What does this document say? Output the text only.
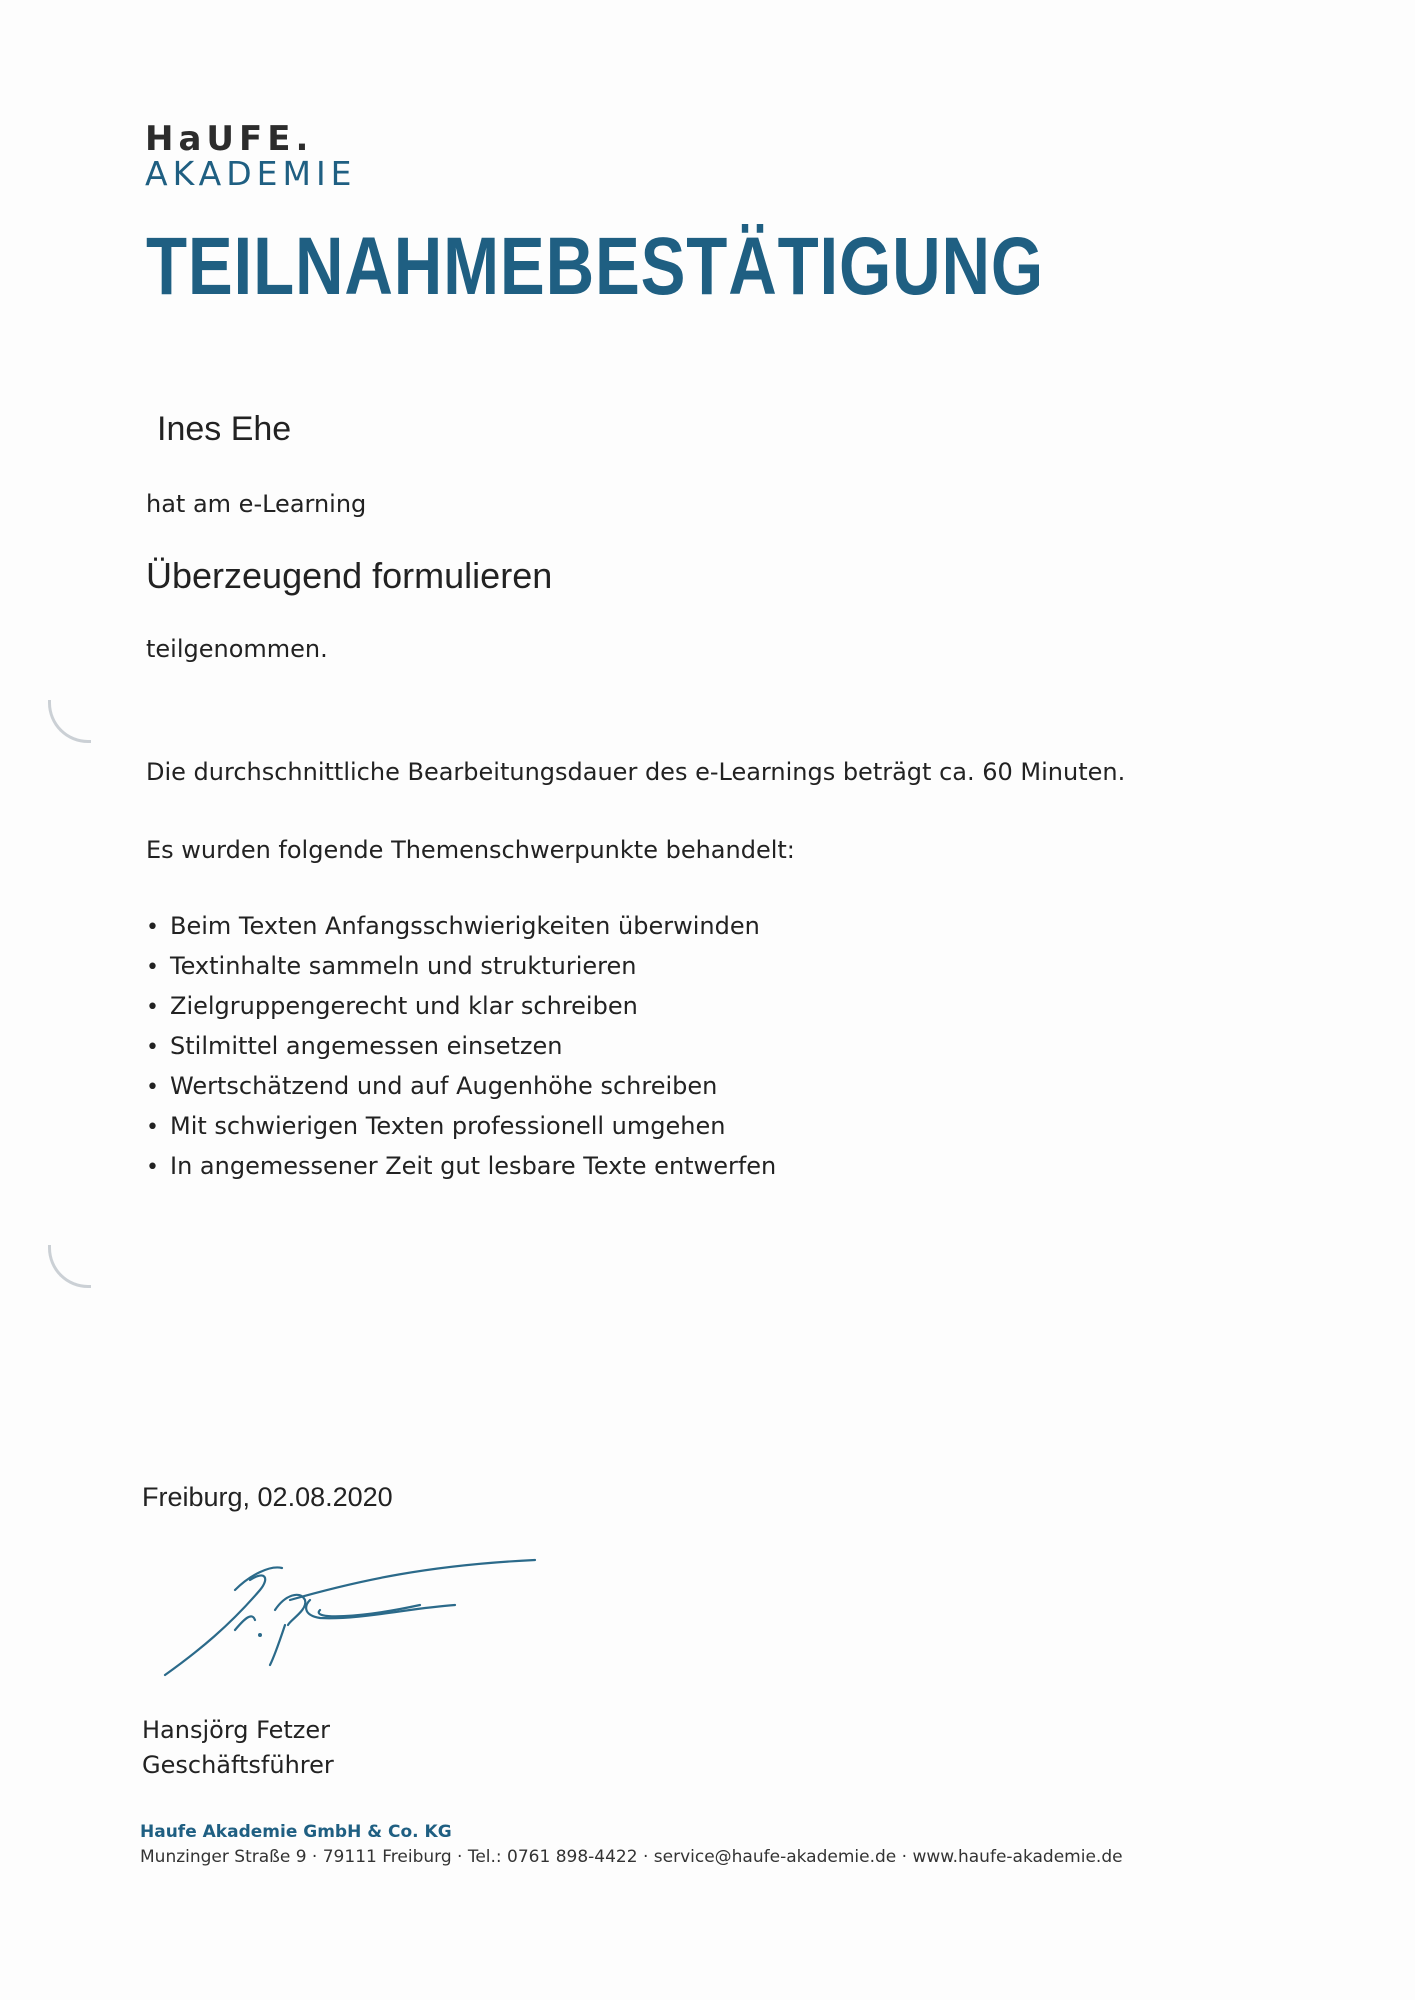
HaUFE.
AKADEMIE
TEILNAHMEBESTÄTIGUNG
Ines Ehe
hat am e-Learning
Überzeugend formulieren
teilgenommen.
Die durchschnittliche Bearbeitungsdauer des e-Learnings beträgt ca. 60 Minuten.
Es wurden folgende Themenschwerpunkte behandelt:
• Beim Texten Anfangsschwierigkeiten überwinden
• Textinhalte sammeln und strukturieren
• Zielgruppengerecht und klar schreiben
• Stilmittel angemessen einsetzen
• Wertschätzend und auf Augenhöhe schreiben
• Mit schwierigen Texten professionell umgehen
• In angemessener Zeit gut lesbare Texte entwerfen
Freiburg, 02.08.2020
Hansjörg Fetzer
Geschäftsführer
Haufe Akademie GmbH & Co. KG
Munzinger Straße 9 · 79111 Freiburg · Tel.: 0761 898-4422 · service@haufe-akademie.de · www.haufe-akademie.de
